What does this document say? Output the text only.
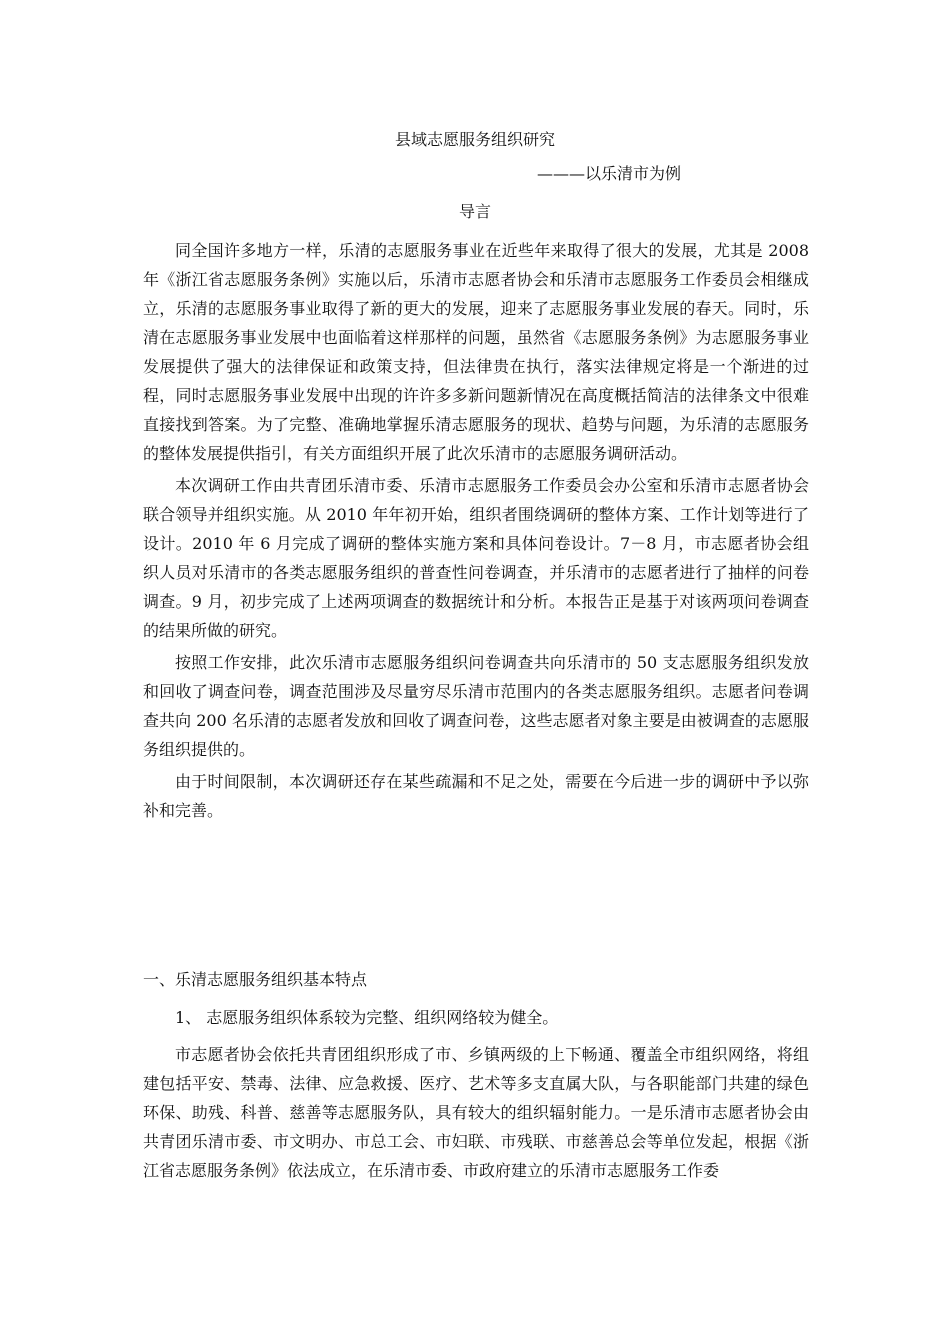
县域志愿服务组织研究
———以乐清市为例
导言

同全国许多地方一样，乐清的志愿服务事业在近些年来取得了很大的发展，尤其是 2008 年《浙江省志愿服务条例》实施以后，乐清市志愿者协会和乐清市志愿服务工作委员会相继成立，乐清的志愿服务事业取得了新的更大的发展，迎来了志愿服务事业发展的春天。同时，乐清在志愿服务事业发展中也面临着这样那样的问题，虽然省《志愿服务条例》为志愿服务事业发展提供了强大的法律保证和政策支持，但法律贵在执行，落实法律规定将是一个渐进的过程，同时志愿服务事业发展中出现的许许多多新问题新情况在高度概括简洁的法律条文中很难直接找到答案。为了完整、准确地掌握乐清志愿服务的现状、趋势与问题，为乐清的志愿服务的整体发展提供指引，有关方面组织开展了此次乐清市的志愿服务调研活动。

本次调研工作由共青团乐清市委、乐清市志愿服务工作委员会办公室和乐清市志愿者协会联合领导并组织实施。从 2010 年年初开始，组织者围绕调研的整体方案、工作计划等进行了设计。2010 年 6 月完成了调研的整体实施方案和具体问卷设计。7－8 月，市志愿者协会组织人员对乐清市的各类志愿服务组织的普查性问卷调查，并乐清市的志愿者进行了抽样的问卷调查。9 月，初步完成了上述两项调查的数据统计和分析。本报告正是基于对该两项问卷调查的结果所做的研究。

按照工作安排，此次乐清市志愿服务组织问卷调查共向乐清市的 50 支志愿服务组织发放和回收了调查问卷，调查范围涉及尽量穷尽乐清市范围内的各类志愿服务组织。志愿者问卷调查共向 200 名乐清的志愿者发放和回收了调查问卷，这些志愿者对象主要是由被调查的志愿服务组织提供的。

由于时间限制，本次调研还存在某些疏漏和不足之处，需要在今后进一步的调研中予以弥补和完善。

一、乐清志愿服务组织基本特点
1、 志愿服务组织体系较为完整、组织网络较为健全。

市志愿者协会依托共青团组织形成了市、乡镇两级的上下畅通、覆盖全市组织网络，将组建包括平安、禁毒、法律、应急救援、医疗、艺术等多支直属大队，与各职能部门共建的绿色环保、助残、科普、慈善等志愿服务队，具有较大的组织辐射能力。一是乐清市志愿者协会由共青团乐清市委、市文明办、市总工会、市妇联、市残联、市慈善总会等单位发起，根据《浙江省志愿服务条例》依法成立，在乐清市委、市政府建立的乐清市志愿服务工作委
